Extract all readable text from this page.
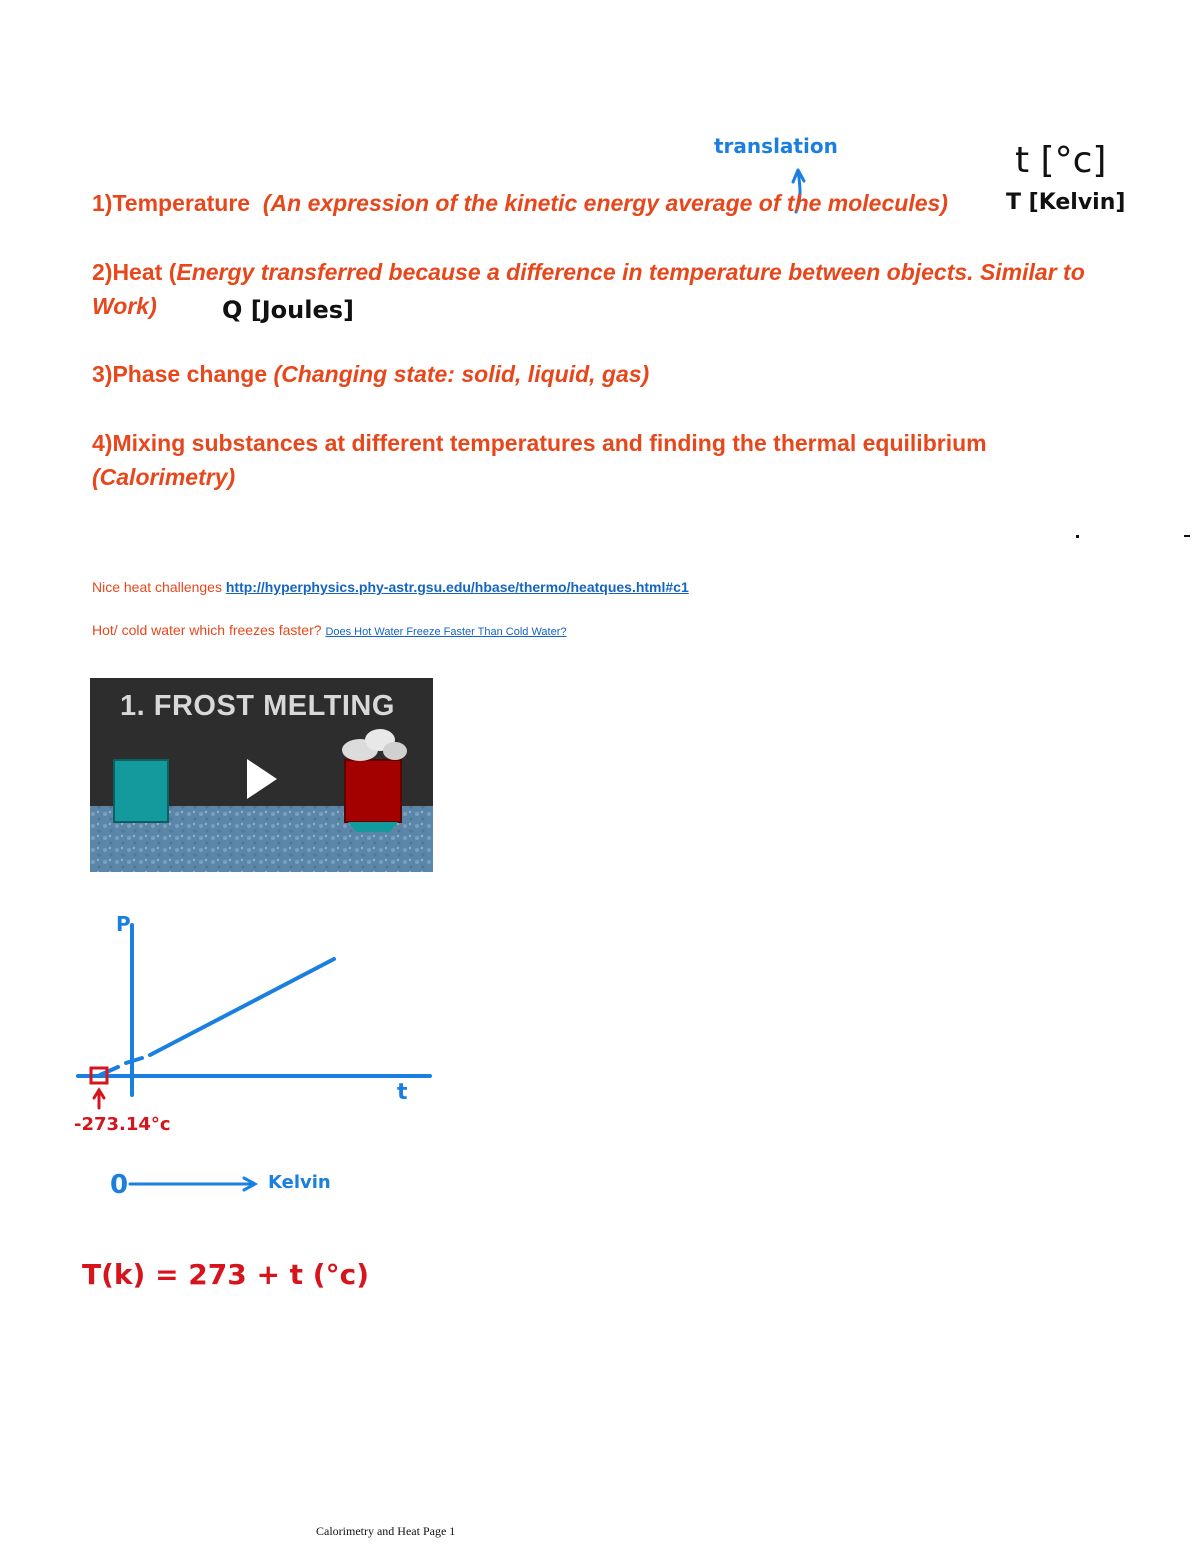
translation	t [°c]
T [Kelvin]
1)Temperature (An expression of the kinetic energy average of the molecules)
2)Heat (Energy transferred because a difference in temperature between objects. Similar to Work)	Q [Joules]
3)Phase change (Changing state: solid, liquid, gas)
4)Mixing substances at different temperatures and finding the thermal equilibrium
(Calorimetry)
Nice heat challenges http://hyperphysics.phy-astr.gsu.edu/hbase/thermo/heatques.html#c1
Hot/ cold water which freezes faster? Does Hot Water Freeze Faster Than Cold Water?
1. FROST MELTING
P
t
-273.14°c
0	Kelvin
T(k) = 273 + t (°c)
Calorimetry and Heat Page 1
